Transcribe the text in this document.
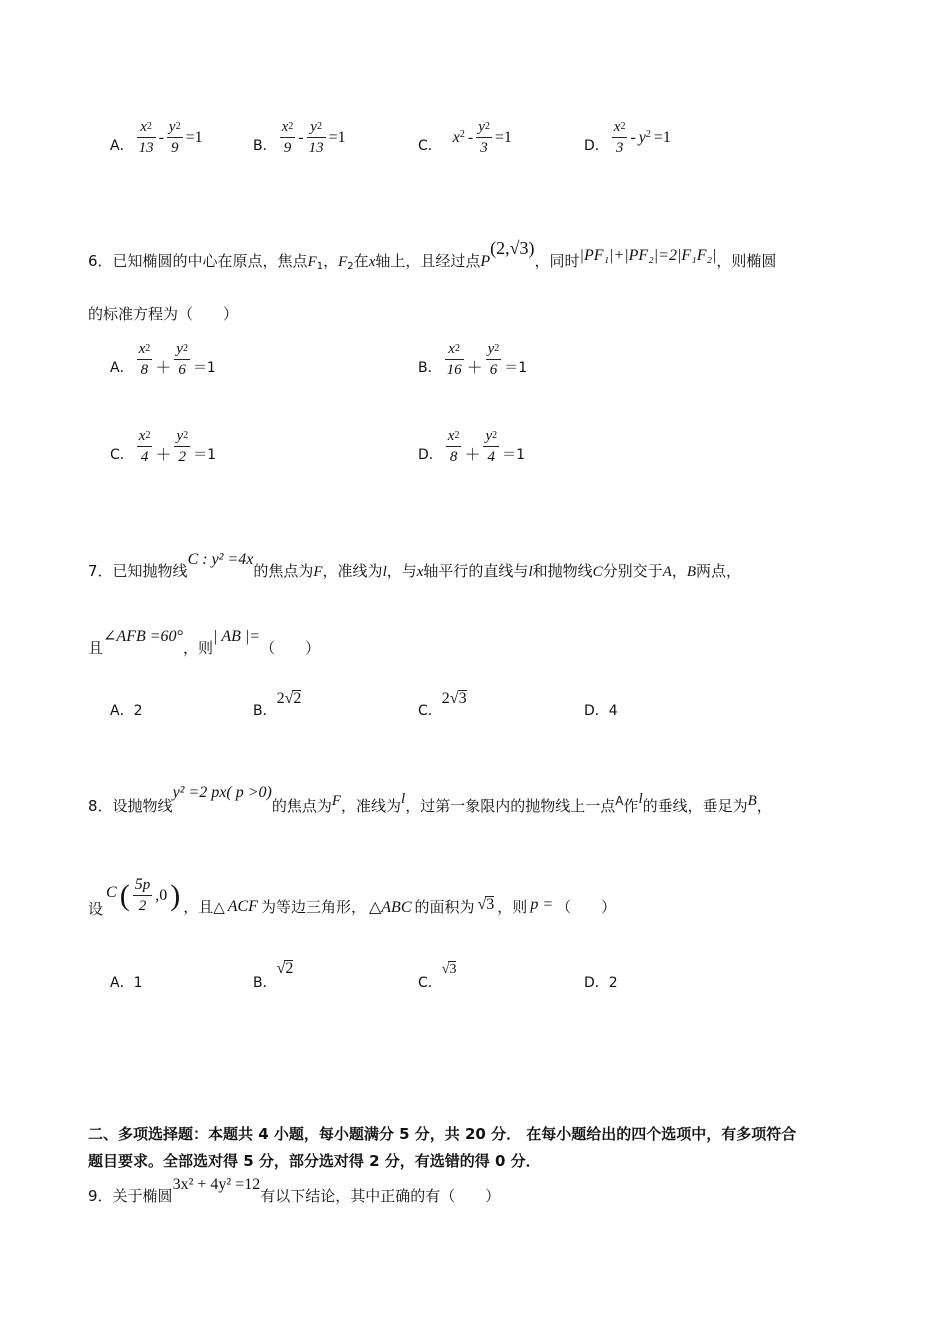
A． $\frac{x^2}{13} - \frac{y^2}{9} =1$	B． $\frac{x^2}{9} - \frac{y^2}{13} =1$	C． $x^2 - \frac{y^2}{3} =1$	D． $\frac{x^2}{3} - y^2 =1$
6．已知椭圆的中心在原点，焦点$F_1$，$F_2$在x轴上，且经过点P(2,√3)，同时|PF₁|+|PF₂|=2|F₁F₂|，则椭圆
的标准方程为（　　）
A． $\frac{x^2}{8} + \frac{y^2}{6} =1$	B． $\frac{x^2}{16} + \frac{y^2}{6} =1$
C． $\frac{x^2}{4} + \frac{y^2}{2} =1$	D． $\frac{x^2}{8} + \frac{y^2}{4} =1$
7．已知抛物线C : y² =4x的焦点为F，准线为l，与x轴平行的直线与l和抛物线C分别交于A，B两点，
且∠AFB =60°，则| AB |=（　　）
A．2	B．2√2
C．2√3
D．4
8．设抛物线y² =2 px( p >0)的焦点为F，准线为l，过第一象限内的抛物线上一点$^A$作l的垂线，垂足为B，
设
C ( $\frac{5p}{2} ,0$ ) ，且△ ACF 为等边三角形， △ABC 的面积为 √3 ，则 p = （　　）
A．1	B．√2
C．√3
D．2
二、多项选择题：本题共 4 小题，每小题满分 5 分，共 20 分． 在每小题给出的四个选项中，有多项符合
题目要求。全部选对得 5 分，部分选对得 2 分，有选错的得 0 分．
9．关于椭圆3x² + 4y² =12有以下结论，其中正确的有（　　）
